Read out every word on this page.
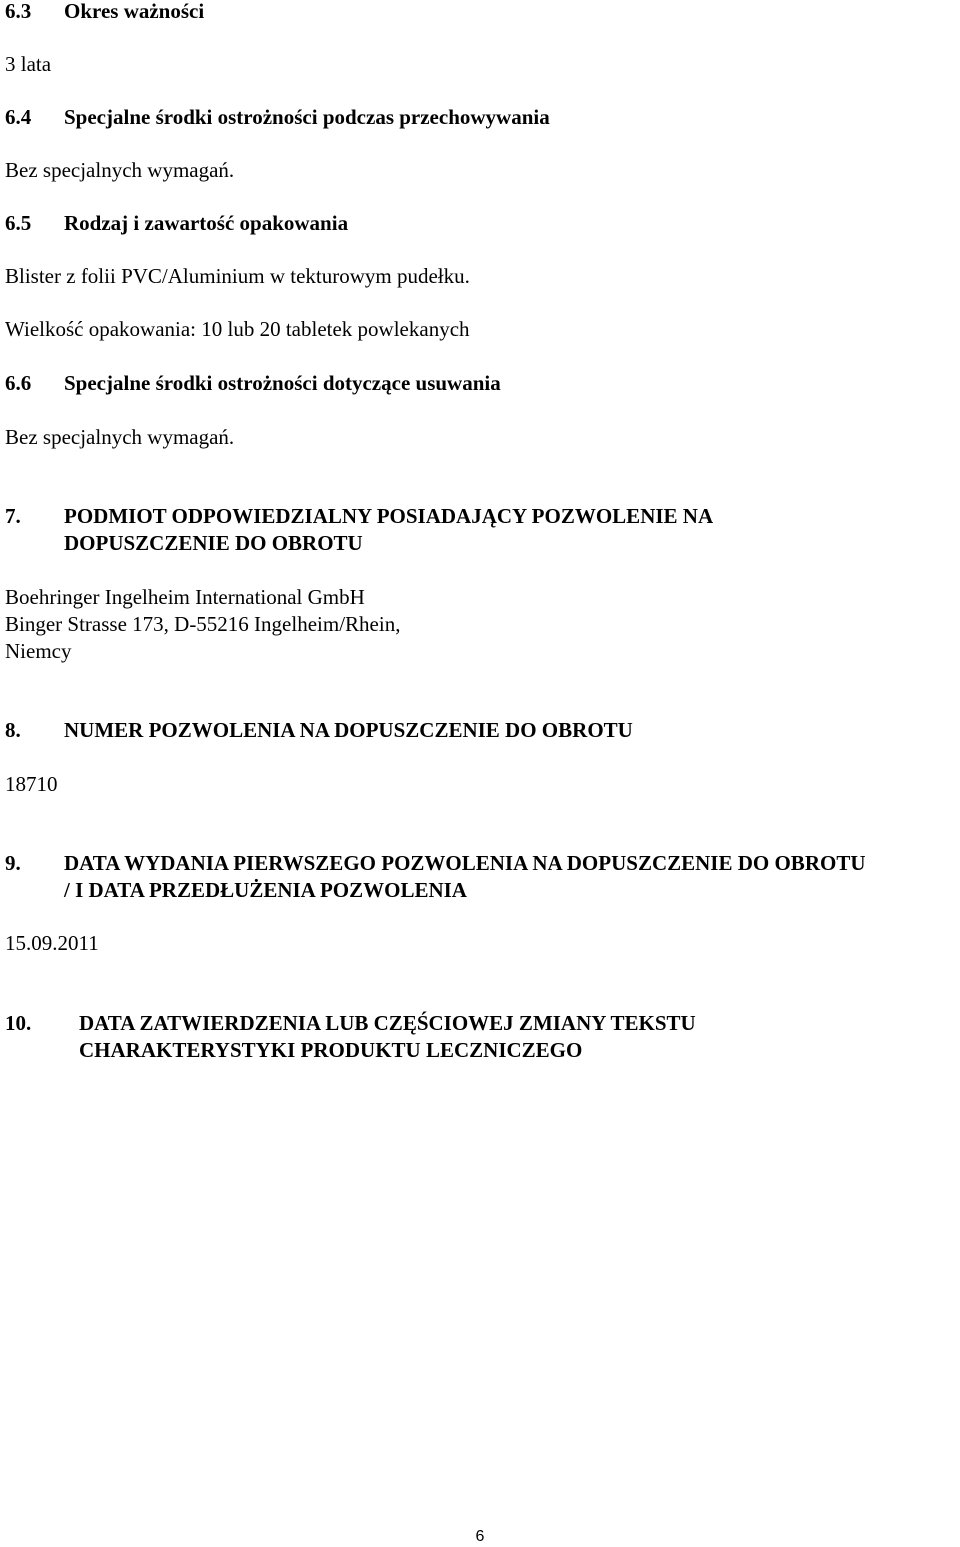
6.3 Okres ważności
3 lata
6.4 Specjalne środki ostrożności podczas przechowywania
Bez specjalnych wymagań.
6.5 Rodzaj i zawartość opakowania
Blister z folii PVC/Aluminium w tekturowym pudełku.
Wielkość opakowania: 10 lub 20 tabletek powlekanych
6.6 Specjalne środki ostrożności dotyczące usuwania
Bez specjalnych wymagań.
7. PODMIOT ODPOWIEDZIALNY POSIADAJĄCY POZWOLENIE NA
DOPUSZCZENIE DO OBROTU
Boehringer Ingelheim International GmbH
Binger Strasse 173, D-55216 Ingelheim/Rhein,
Niemcy
8. NUMER POZWOLENIA NA DOPUSZCZENIE DO OBROTU
18710
9. DATA WYDANIA PIERWSZEGO POZWOLENIA NA DOPUSZCZENIE DO OBROTU
/ I DATA PRZEDŁUŻENIA POZWOLENIA
15.09.2011
10. DATA ZATWIERDZENIA LUB CZĘŚCIOWEJ ZMIANY TEKSTU
CHARAKTERYSTYKI PRODUKTU LECZNICZEGO
6
